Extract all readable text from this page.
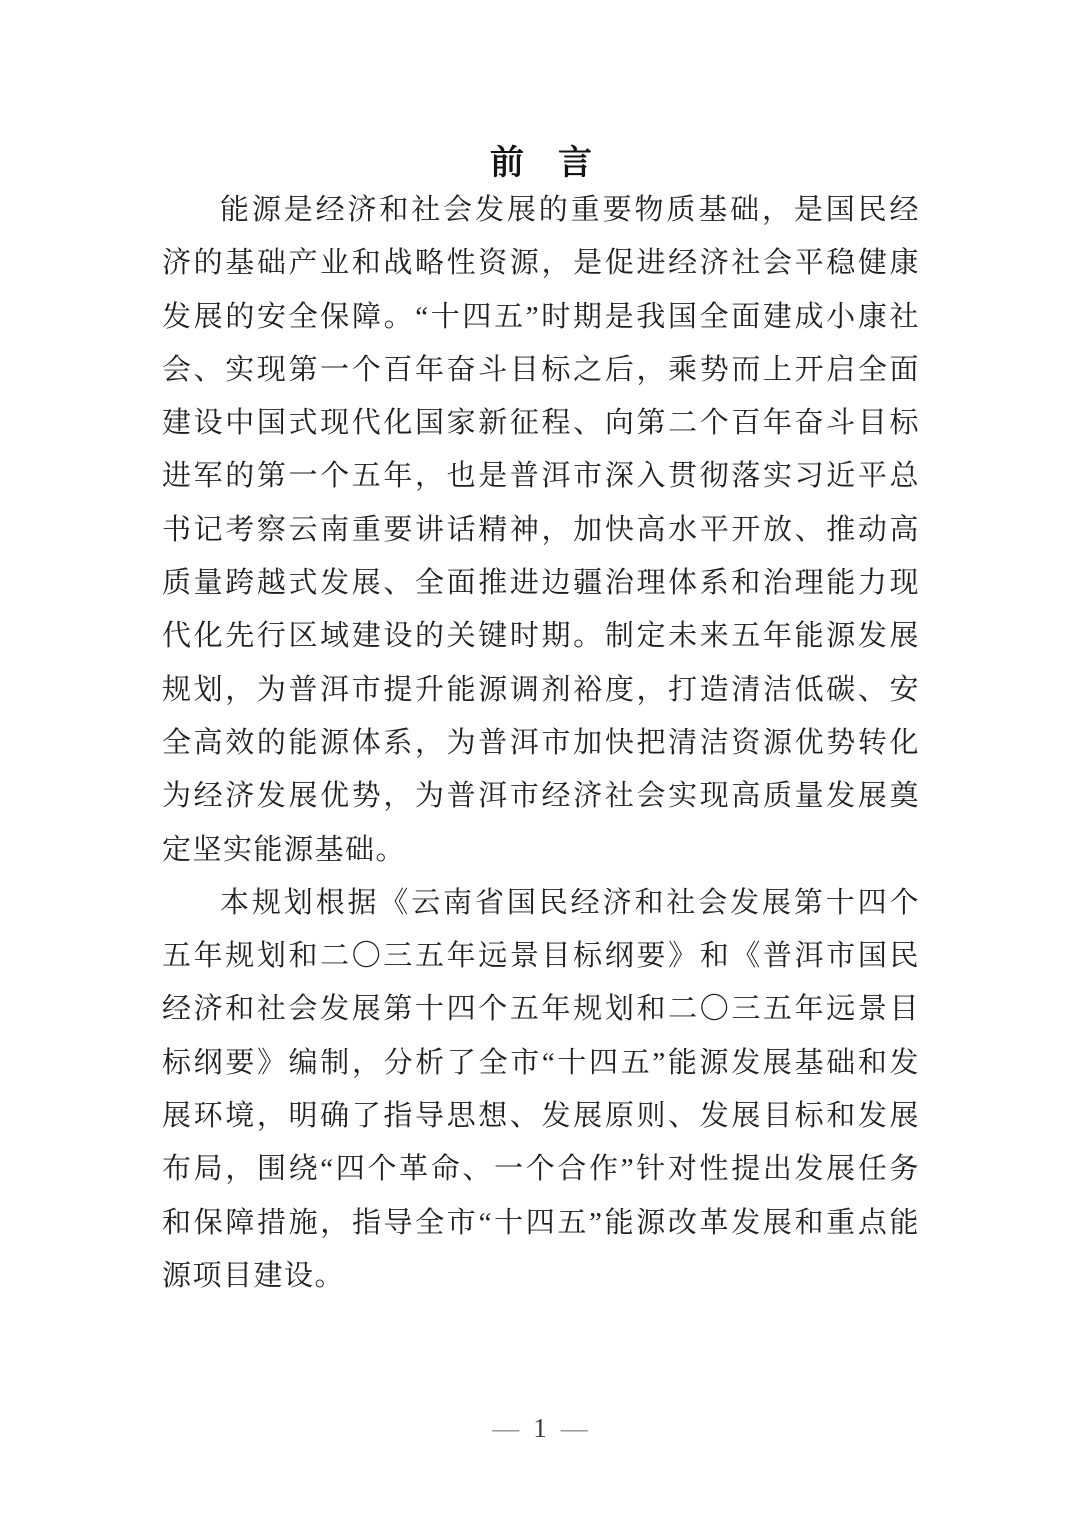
前　言

能源是经济和社会发展的重要物质基础，是国民经济的基础产业和战略性资源，是促进经济社会平稳健康发展的安全保障。“十四五”时期是我国全面建成小康社会、实现第一个百年奋斗目标之后，乘势而上开启全面建设中国式现代化国家新征程、向第二个百年奋斗目标进军的第一个五年，也是普洱市深入贯彻落实习近平总书记考察云南重要讲话精神，加快高水平开放、推动高质量跨越式发展、全面推进边疆治理体系和治理能力现代化先行区域建设的关键时期。制定未来五年能源发展规划，为普洱市提升能源调剂裕度，打造清洁低碳、安全高效的能源体系，为普洱市加快把清洁资源优势转化为经济发展优势，为普洱市经济社会实现高质量发展奠定坚实能源基础。

本规划根据《云南省国民经济和社会发展第十四个五年规划和二〇三五年远景目标纲要》和《普洱市国民经济和社会发展第十四个五年规划和二〇三五年远景目标纲要》编制，分析了全市“十四五”能源发展基础和发展环境，明确了指导思想、发展原则、发展目标和发展布局，围绕“四个革命、一个合作”针对性提出发展任务和保障措施，指导全市“十四五”能源改革发展和重点能源项目建设。

— 1 —
